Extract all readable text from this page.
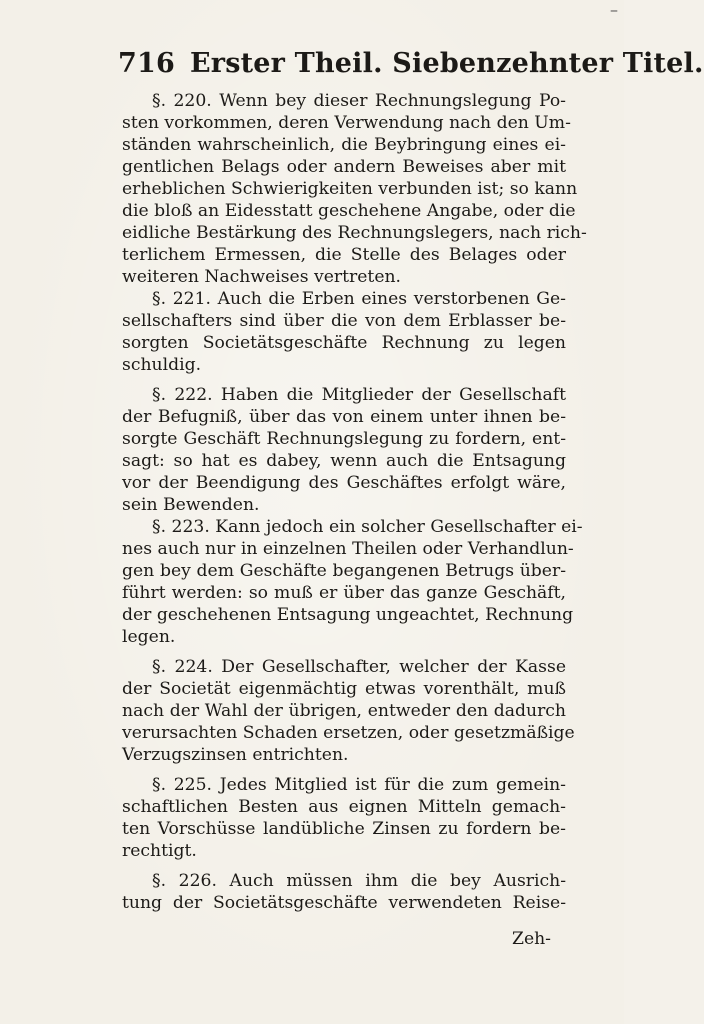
–
716 Erster Theil. Siebenzehnter Titel.
§. 220. Wenn bey dieser Rechnungslegung Po-
sten vorkommen, deren Verwendung nach den Um-
ständen wahrscheinlich, die Beybringung eines ei-
gentlichen Belags oder andern Beweises aber mit
erheblichen Schwierigkeiten verbunden ist; so kann
die bloß an Eidesstatt geschehene Angabe, oder die
eidliche Bestärkung des Rechnungslegers, nach rich-
terlichem Ermessen, die Stelle des Belages oder
weiteren Nachweises vertreten.
§. 221. Auch die Erben eines verstorbenen Ge-
sellschafters sind über die von dem Erblasser be-
sorgten Societätsgeschäfte Rechnung zu legen
schuldig.
§. 222. Haben die Mitglieder der Gesellschaft
der Befugniß, über das von einem unter ihnen be-
sorgte Geschäft Rechnungslegung zu fordern, ent-
sagt: so hat es dabey, wenn auch die Entsagung
vor der Beendigung des Geschäftes erfolgt wäre,
sein Bewenden.
§. 223. Kann jedoch ein solcher Gesellschafter ei-
nes auch nur in einzelnen Theilen oder Verhandlun-
gen bey dem Geschäfte begangenen Betrugs über-
führt werden: so muß er über das ganze Geschäft,
der geschehenen Entsagung ungeachtet, Rechnung
legen.
§. 224. Der Gesellschafter, welcher der Kasse
der Societät eigenmächtig etwas vorenthält, muß
nach der Wahl der übrigen, entweder den dadurch
verursachten Schaden ersetzen, oder gesetzmäßige
Verzugszinsen entrichten.
§. 225. Jedes Mitglied ist für die zum gemein-
schaftlichen Besten aus eignen Mitteln gemach-
ten Vorschüsse landübliche Zinsen zu fordern be-
rechtigt.
§. 226. Auch müssen ihm die bey Ausrich-
tung der Societätsgeschäfte verwendeten Reise-
Zeh-
